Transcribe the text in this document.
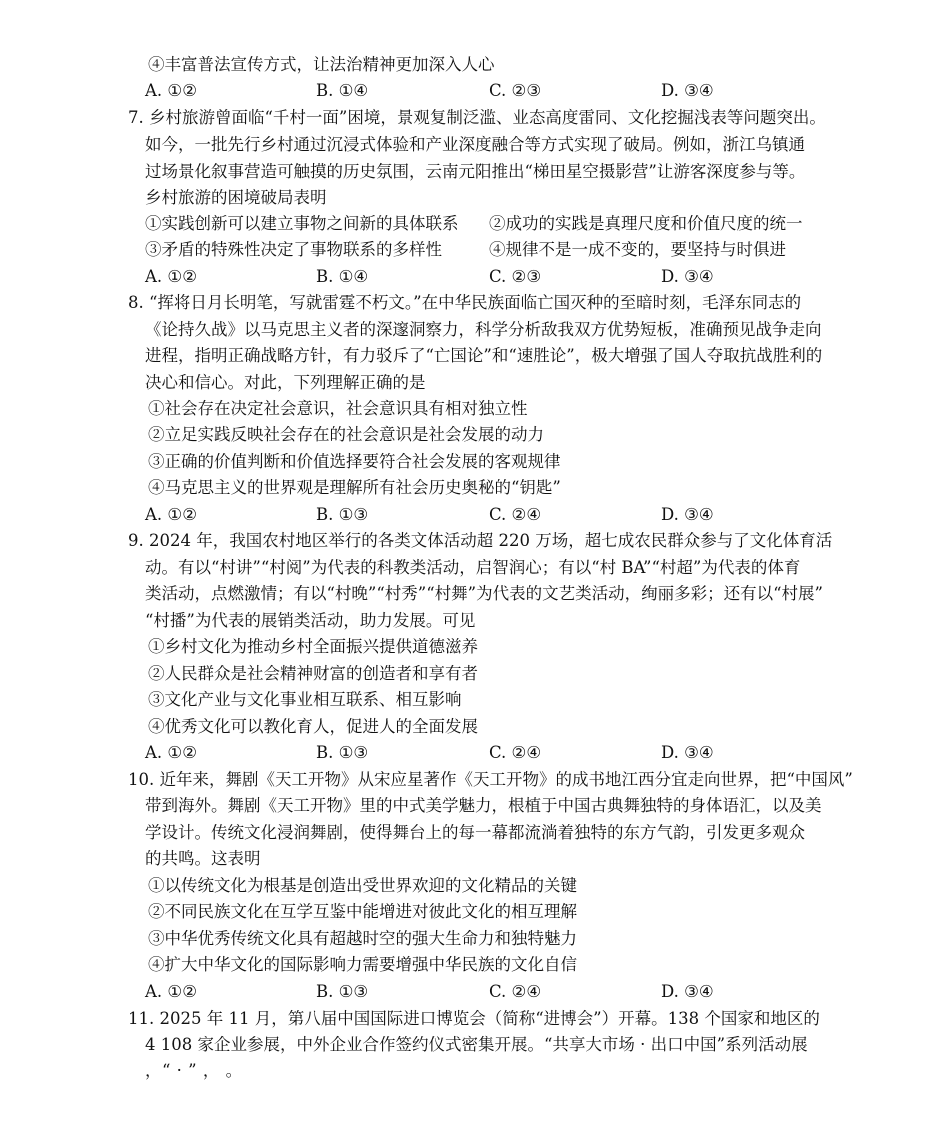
④丰富普法宣传方式，让法治精神更加深入人心
A. ①②	B. ①④	C. ②③	D. ③④
7. 乡村旅游曾面临“千村一面”困境，景观复制泛滥、业态高度雷同、文化挖掘浅表等问题突出。
如今，一批先行乡村通过沉浸式体验和产业深度融合等方式实现了破局。例如，浙江乌镇通
过场景化叙事营造可触摸的历史氛围，云南元阳推出“梯田星空摄影营”让游客深度参与等。
乡村旅游的困境破局表明
①实践创新可以建立事物之间新的具体联系 ②成功的实践是真理尺度和价值尺度的统一
③矛盾的特殊性决定了事物联系的多样性	④规律不是一成不变的，要坚持与时俱进
A. ①②	B. ①④	C. ②③	D. ③④
8. “挥将日月长明笔，写就雷霆不朽文。”在中华民族面临亡国灭种的至暗时刻，毛泽东同志的
《论持久战》以马克思主义者的深邃洞察力，科学分析敌我双方优势短板，准确预见战争走向
进程，指明正确战略方针，有力驳斥了“亡国论”和“速胜论”，极大增强了国人夺取抗战胜利的
决心和信心。对此，下列理解正确的是
①社会存在决定社会意识，社会意识具有相对独立性
②立足实践反映社会存在的社会意识是社会发展的动力
③正确的价值判断和价值选择要符合社会发展的客观规律
④马克思主义的世界观是理解所有社会历史奥秘的“钥匙”
A. ①②	B. ①③	C. ②④	D. ③④
9. 2024 年，我国农村地区举行的各类文体活动超 220 万场，超七成农民群众参与了文化体育活
动。有以“村讲”“村阅”为代表的科教类活动，启智润心；有以“村 BA”“村超”为代表的体育
类活动，点燃激情；有以“村晚”“村秀”“村舞”为代表的文艺类活动，绚丽多彩；还有以“村展”
“村播”为代表的展销类活动，助力发展。可见
①乡村文化为推动乡村全面振兴提供道德滋养
②人民群众是社会精神财富的创造者和享有者
③文化产业与文化事业相互联系、相互影响
④优秀文化可以教化育人，促进人的全面发展
A. ①②	B. ①③	C. ②④	D. ③④
10. 近年来，舞剧《天工开物》从宋应星著作《天工开物》的成书地江西分宜走向世界，把“中国风”
带到海外。舞剧《天工开物》里的中式美学魅力，根植于中国古典舞独特的身体语汇，以及美
学设计。传统文化浸润舞剧，使得舞台上的每一幕都流淌着独特的东方气韵，引发更多观众
的共鸣。这表明
①以传统文化为根基是创造出受世界欢迎的文化精品的关键
②不同民族文化在互学互鉴中能增进对彼此文化的相互理解
③中华优秀传统文化具有超越时空的强大生命力和独特魅力
④扩大中华文化的国际影响力需要增强中华民族的文化自信
A. ①②	B. ①③	C. ②④	D. ③④
11. 2025 年 11 月，第八届中国国际进口博览会（简称“进博会”）开幕。138 个国家和地区的
4 108 家企业参展，中外企业合作签约仪式密集开展。“共享大市场 · 出口中国”系列活动展
，“ · ” ， 。
